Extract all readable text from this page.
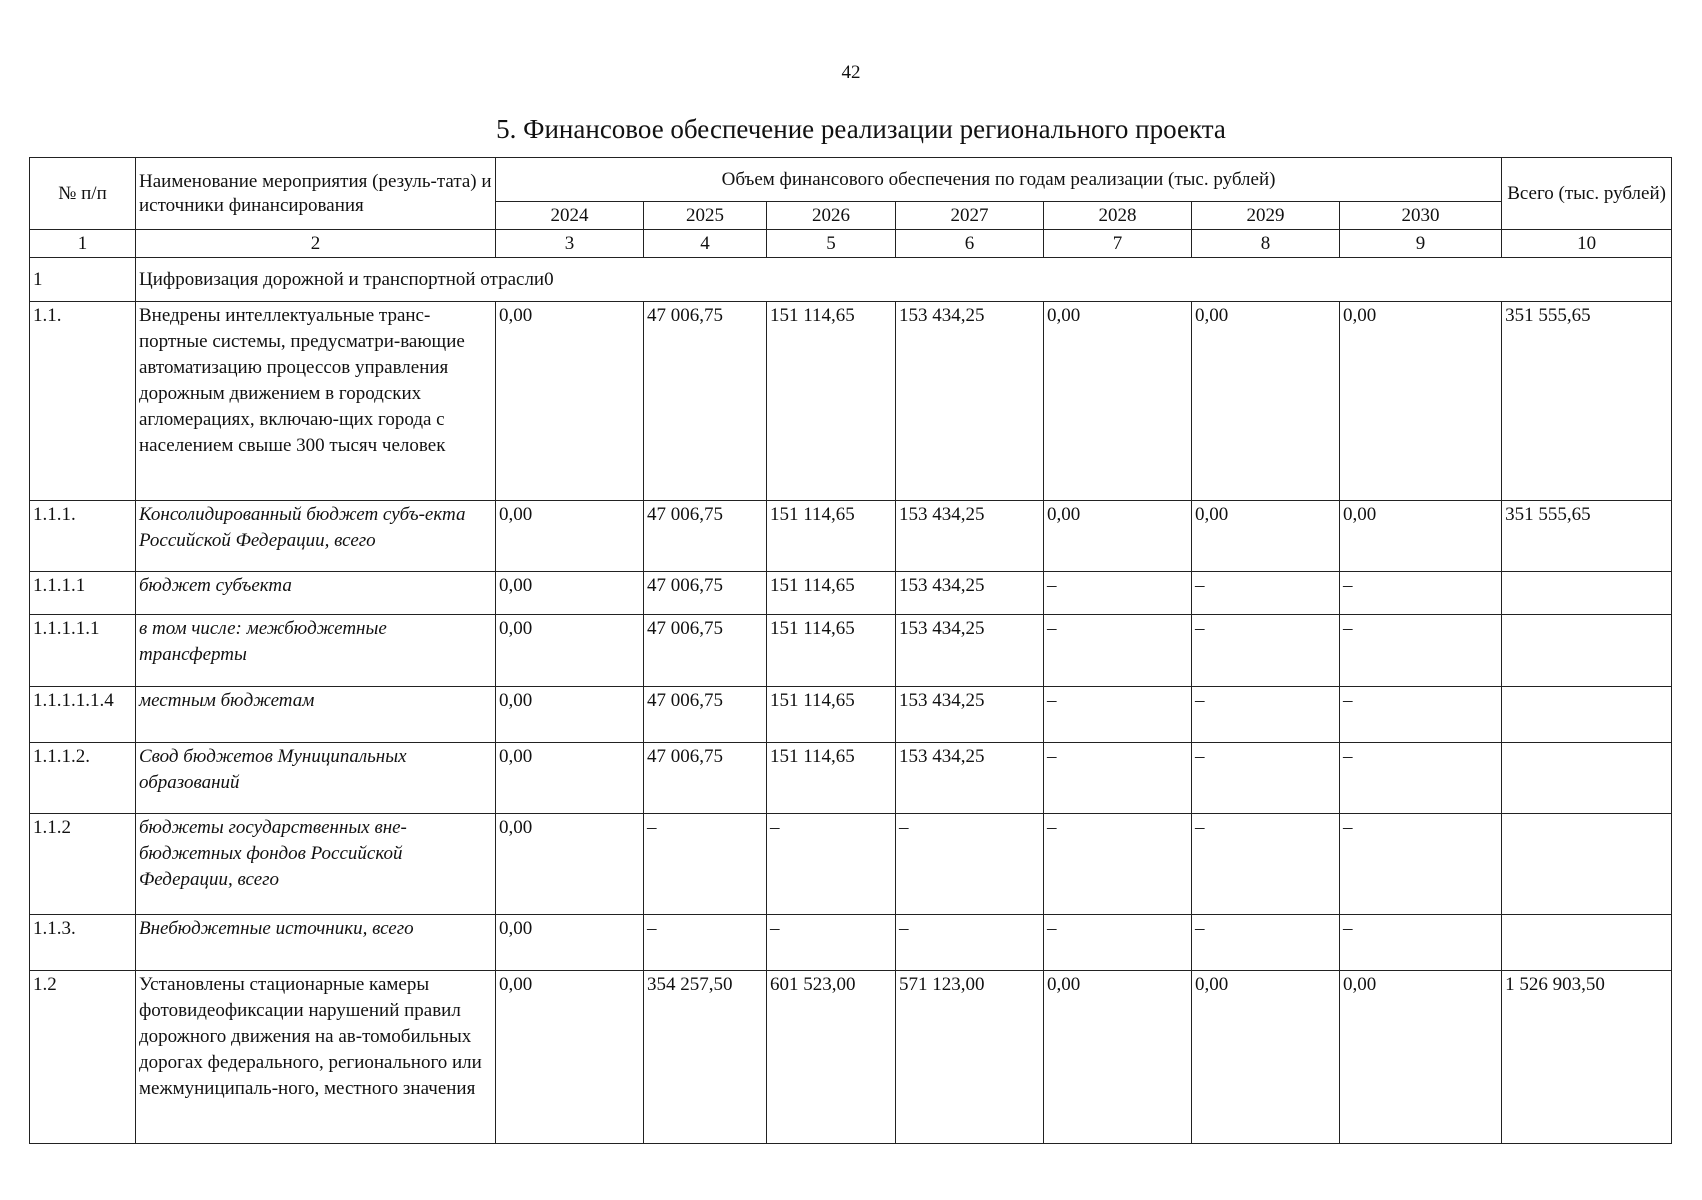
42
5. Финансовое обеспечение реализации регионального проекта
№ п/п	Наименование мероприятия (резуль-тата) и источники финансирования	Объем финансового обеспечения по годам реализации (тыс. рублей)							Всего (тыс. рублей)
		2024	2025	2026	2027	2028	2029	2030	
1	2	3	4	5	6	7	8	9	10
1	Цифровизация дорожной и транспортной отрасли0								
1.1.	Внедрены интеллектуальные транс-портные системы, предусматри-вающие автоматизацию процессов управления дорожным движением в городских агломерациях, включаю-щих города с населением свыше 300 тысяч человек	0,00	47 006,75	151 114,65	153 434,25	0,00	0,00	0,00	351 555,65
1.1.1.	Консолидированный бюджет субъ-екта Российской Федерации, всего	0,00	47 006,75	151 114,65	153 434,25	0,00	0,00	0,00	351 555,65
1.1.1.1	бюджет субъекта	0,00	47 006,75	151 114,65	153 434,25	–	–	–	
1.1.1.1.1	в том числе: межбюджетные трансферты	0,00	47 006,75	151 114,65	153 434,25	–	–	–	
1.1.1.1.1.4	местным бюджетам	0,00	47 006,75	151 114,65	153 434,25	–	–	–	
1.1.1.2.	Свод бюджетов Муниципальных образований	0,00	47 006,75	151 114,65	153 434,25	–	–	–	
1.1.2	бюджеты государственных вне-бюджетных фондов Российской Федерации, всего	0,00	–	–	–	–	–	–	
1.1.3.	Внебюджетные источники, всего	0,00	–	–	–	–	–	–	
1.2	Установлены стационарные камеры фотовидеофиксации нарушений правил дорожного движения на ав-томобильных дорогах федерального, регионального или межмуниципаль-ного, местного значения	0,00	354 257,50	601 523,00	571 123,00	0,00	0,00	0,00	1 526 903,50
